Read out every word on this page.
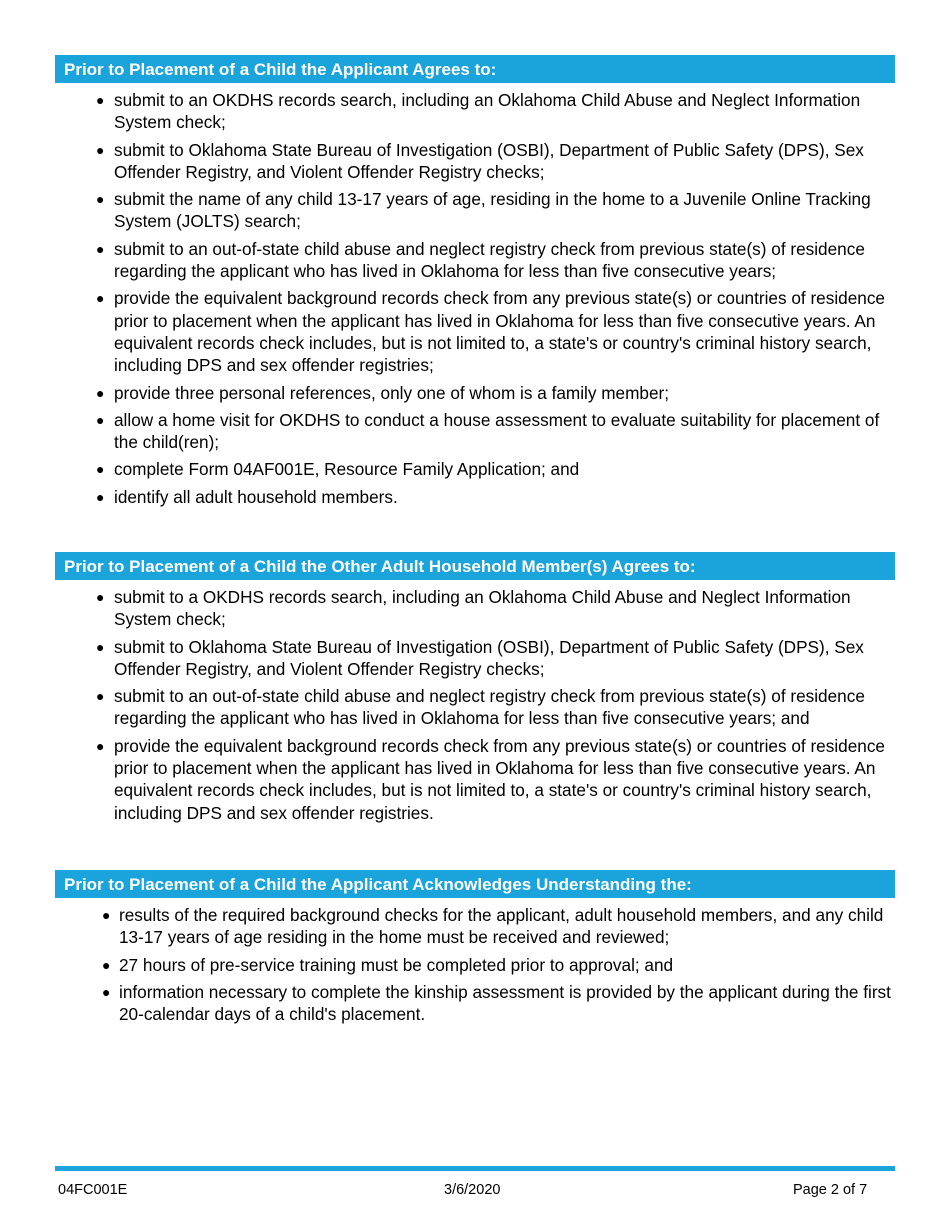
Prior to Placement of a Child the Applicant Agrees to:
● submit to an OKDHS records search, including an Oklahoma Child Abuse and Neglect Information System check;
● submit to Oklahoma State Bureau of Investigation (OSBI), Department of Public Safety (DPS), Sex Offender Registry, and Violent Offender Registry checks;
● submit the name of any child 13-17 years of age, residing in the home to a Juvenile Online Tracking System (JOLTS) search;
● submit to an out-of-state child abuse and neglect registry check from previous state(s) of residence regarding the applicant who has lived in Oklahoma for less than five consecutive years;
● provide the equivalent background records check from any previous state(s) or countries of residence prior to placement when the applicant has lived in Oklahoma for less than five consecutive years. An equivalent records check includes, but is not limited to, a state's or country's criminal history search, including DPS and sex offender registries;
● provide three personal references, only one of whom is a family member;
● allow a home visit for OKDHS to conduct a house assessment to evaluate suitability for placement of the child(ren);
● complete Form 04AF001E, Resource Family Application; and
● identify all adult household members.
Prior to Placement of a Child the Other Adult Household Member(s) Agrees to:
● submit to a OKDHS records search, including an Oklahoma Child Abuse and Neglect Information System check;
● submit to Oklahoma State Bureau of Investigation (OSBI), Department of Public Safety (DPS), Sex Offender Registry, and Violent Offender Registry checks;
● submit to an out-of-state child abuse and neglect registry check from previous state(s) of residence regarding the applicant who has lived in Oklahoma for less than five consecutive years; and
● provide the equivalent background records check from any previous state(s) or countries of residence prior to placement when the applicant has lived in Oklahoma for less than five consecutive years. An equivalent records check includes, but is not limited to, a state's or country's criminal history search, including DPS and sex offender registries.
Prior to Placement of a Child the Applicant Acknowledges Understanding the:
● results of the required background checks for the applicant, adult household members, and any child 13-17 years of age residing in the home must be received and reviewed;
● 27 hours of pre-service training must be completed prior to approval; and
● information necessary to complete the kinship assessment is provided by the applicant during the first 20-calendar days of a child's placement.
04FC001E	3/6/2020	Page 2 of 7
